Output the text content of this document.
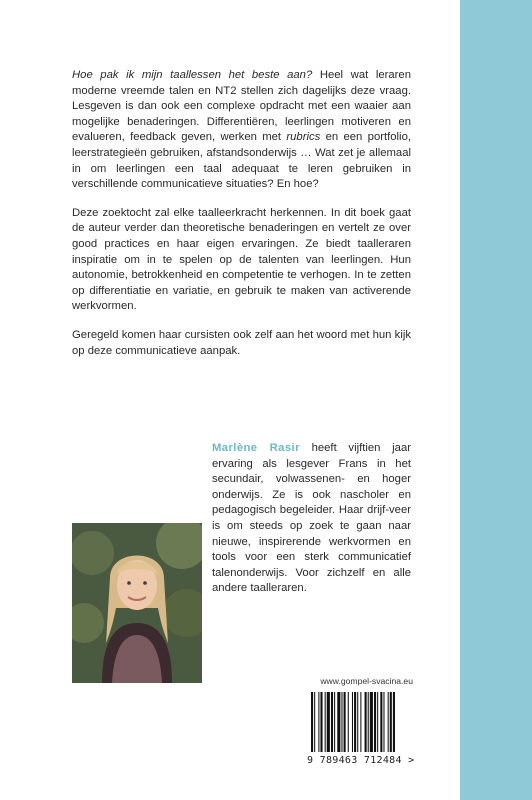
Hoe pak ik mijn taallessen het beste aan? Heel wat leraren moderne vreemde talen en NT2 stellen zich dagelijks deze vraag. Lesgeven is dan ook een complexe opdracht met een waaier aan mogelijke benaderingen. Differentiëren, leerlingen motiveren en evalueren, feedback geven, werken met rubrics en een portfolio, leerstrategieën gebruiken, afstandsonderwijs … Wat zet je allemaal in om leerlingen een taal adequaat te leren gebruiken in verschillende communicatieve situaties? En hoe?

Deze zoektocht zal elke taalleerkracht herkennen. In dit boek gaat de auteur verder dan theoretische benaderingen en vertelt ze over good practices en haar eigen ervaringen. Ze biedt taalleraren inspiratie om in te spelen op de talenten van leerlingen. Hun autonomie, betrokkenheid en competentie te verhogen. In te zetten op differentiatie en variatie, en gebruik te maken van activerende werkvormen.

Geregeld komen haar cursisten ook zelf aan het woord met hun kijk op deze communicatieve aanpak.

Marlène Rasir heeft vijftien jaar ervaring als lesgever Frans in het secundair, volwassenen- en hoger onderwijs. Ze is ook nascholer en pedagogisch begeleider. Haar drijf-veer is om steeds op zoek te gaan naar nieuwe, inspirerende werkvormen en tools voor een sterk communicatief talenonderwijs. Voor zichzelf en alle andere taalleraren.
www.gompel-svacina.eu
9 789463 712484 >
